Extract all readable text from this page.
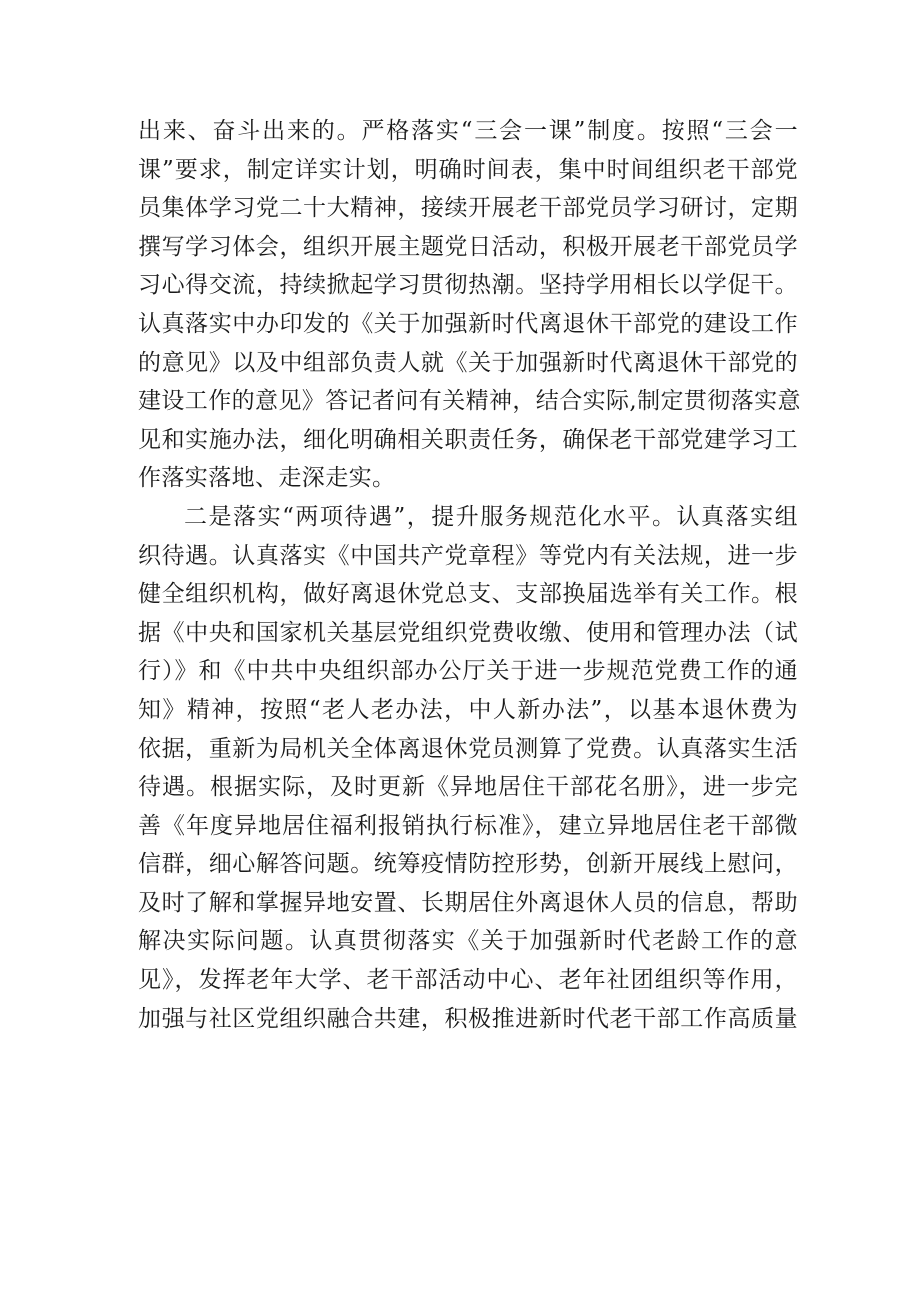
出来、奋斗出来的。严格落实“三会一课”制度。按照“三会一
课”要求，制定详实计划，明确时间表，集中时间组织老干部党
员集体学习党二十大精神，接续开展老干部党员学习研讨，定期
撰写学习体会，组织开展主题党日活动，积极开展老干部党员学
习心得交流，持续掀起学习贯彻热潮。坚持学用相长以学促干。
认真落实中办印发的《关于加强新时代离退休干部党的建设工作
的意见》以及中组部负责人就《关于加强新时代离退休干部党的
建设工作的意见》答记者问有关精神，结合实际,制定贯彻落实意
见和实施办法，细化明确相关职责任务，确保老干部党建学习工
作落实落地、走深走实。
二是落实“两项待遇”，提升服务规范化水平。认真落实组
织待遇。认真落实《中国共产党章程》等党内有关法规，进一步
健全组织机构，做好离退休党总支、支部换届选举有关工作。根
据《中央和国家机关基层党组织党费收缴、使用和管理办法（试
行）》和《中共中央组织部办公厅关于进一步规范党费工作的通
知》精神，按照“老人老办法，中人新办法”，以基本退休费为
依据，重新为局机关全体离退休党员测算了党费。认真落实生活
待遇。根据实际，及时更新《异地居住干部花名册》，进一步完
善《年度异地居住福利报销执行标准》，建立异地居住老干部微
信群，细心解答问题。统筹疫情防控形势，创新开展线上慰问，
及时了解和掌握异地安置、长期居住外离退休人员的信息，帮助
解决实际问题。认真贯彻落实《关于加强新时代老龄工作的意
见》，发挥老年大学、老干部活动中心、老年社团组织等作用，
加强与社区党组织融合共建，积极推进新时代老干部工作高质量
